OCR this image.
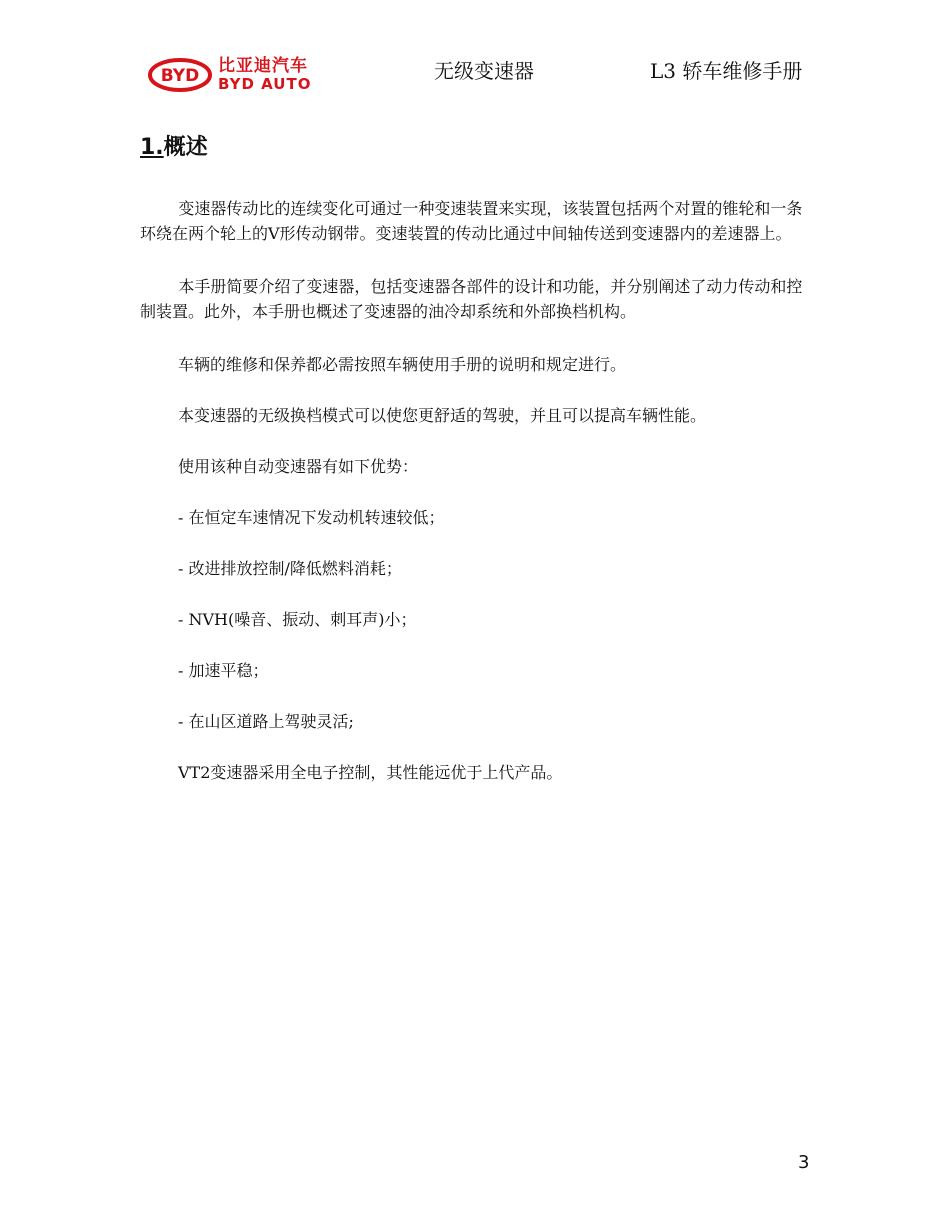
BYD 比亚迪汽车
BYD AUTO
无级变速器	L3 轿车维修手册
1.概述

变速器传动比的连续变化可通过一种变速装置来实现，该装置包括两个对置的锥轮和一条环绕在两个轮上的V形传动钢带。变速装置的传动比通过中间轴传送到变速器内的差速器上。

本手册简要介绍了变速器，包括变速器各部件的设计和功能，并分别阐述了动力传动和控制装置。此外，本手册也概述了变速器的油冷却系统和外部换档机构。

车辆的维修和保养都必需按照车辆使用手册的说明和规定进行。

本变速器的无级换档模式可以使您更舒适的驾驶，并且可以提高车辆性能。

使用该种自动变速器有如下优势：

- 在恒定车速情况下发动机转速较低；

- 改进排放控制/降低燃料消耗；

- NVH(噪音、振动、刺耳声)小；

- 加速平稳；

- 在山区道路上驾驶灵活;

VT2变速器采用全电子控制，其性能远优于上代产品。

3
